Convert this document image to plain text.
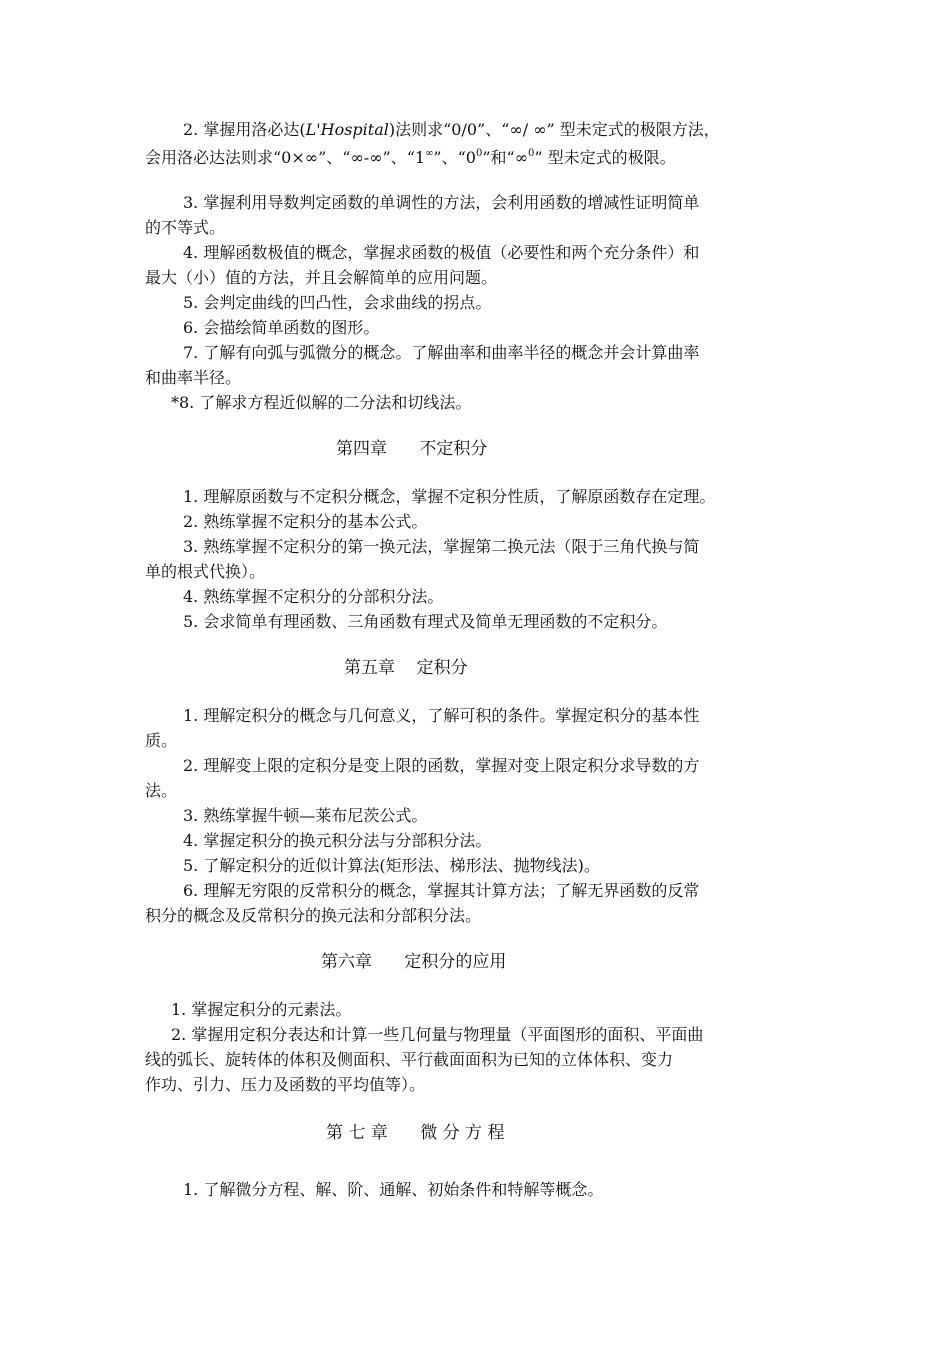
2. 掌握用洛必达(L'Hospital)法则求“0/0”、“∞/ ∞” 型未定式的极限方法，
会用洛必达法则求“0×∞”、“∞-∞”、“1∞”、“$0^0$”和“∞$^0$” 型未定式的极限。
3. 掌握利用导数判定函数的单调性的方法，会利用函数的增减性证明简单
的不等式。
4. 理解函数极值的概念，掌握求函数的极值（必要性和两个充分条件）和
最大（小）值的方法，并且会解简单的应用问题。
5. 会判定曲线的凹凸性，会求曲线的拐点。
6. 会描绘简单函数的图形。
7. 了解有向弧与弧微分的概念。了解曲率和曲率半径的概念并会计算曲率
和曲率半径。
*8. 了解求方程近似解的二分法和切线法。
第四章      不定积分
1. 理解原函数与不定积分概念，掌握不定积分性质，了解原函数存在定理。
2. 熟练掌握不定积分的基本公式。
3. 熟练掌握不定积分的第一换元法，掌握第二换元法（限于三角代换与简
单的根式代换）。
4. 熟练掌握不定积分的分部积分法。
5. 会求简单有理函数、三角函数有理式及简单无理函数的不定积分。
第五章    定积分
1. 理解定积分的概念与几何意义，了解可积的条件。掌握定积分的基本性
质。
2. 理解变上限的定积分是变上限的函数，掌握对变上限定积分求导数的方
法。
3. 熟练掌握牛顿—莱布尼茨公式。
4. 掌握定积分的换元积分法与分部积分法。
5. 了解定积分的近似计算法(矩形法、梯形法、抛物线法)。
6. 理解无穷限的反常积分的概念，掌握其计算方法；了解无界函数的反常
积分的概念及反常积分的换元法和分部积分法。
第六章      定积分的应用
1. 掌握定积分的元素法。
2. 掌握用定积分表达和计算一些几何量与物理量（平面图形的面积、平面曲
线的弧长、旋转体的体积及侧面积、平行截面面积为已知的立体体积、变力
作功、引力、压力及函数的平均值等）。
第 七 章      微 分 方 程
1. 了解微分方程、解、阶、通解、初始条件和特解等概念。
